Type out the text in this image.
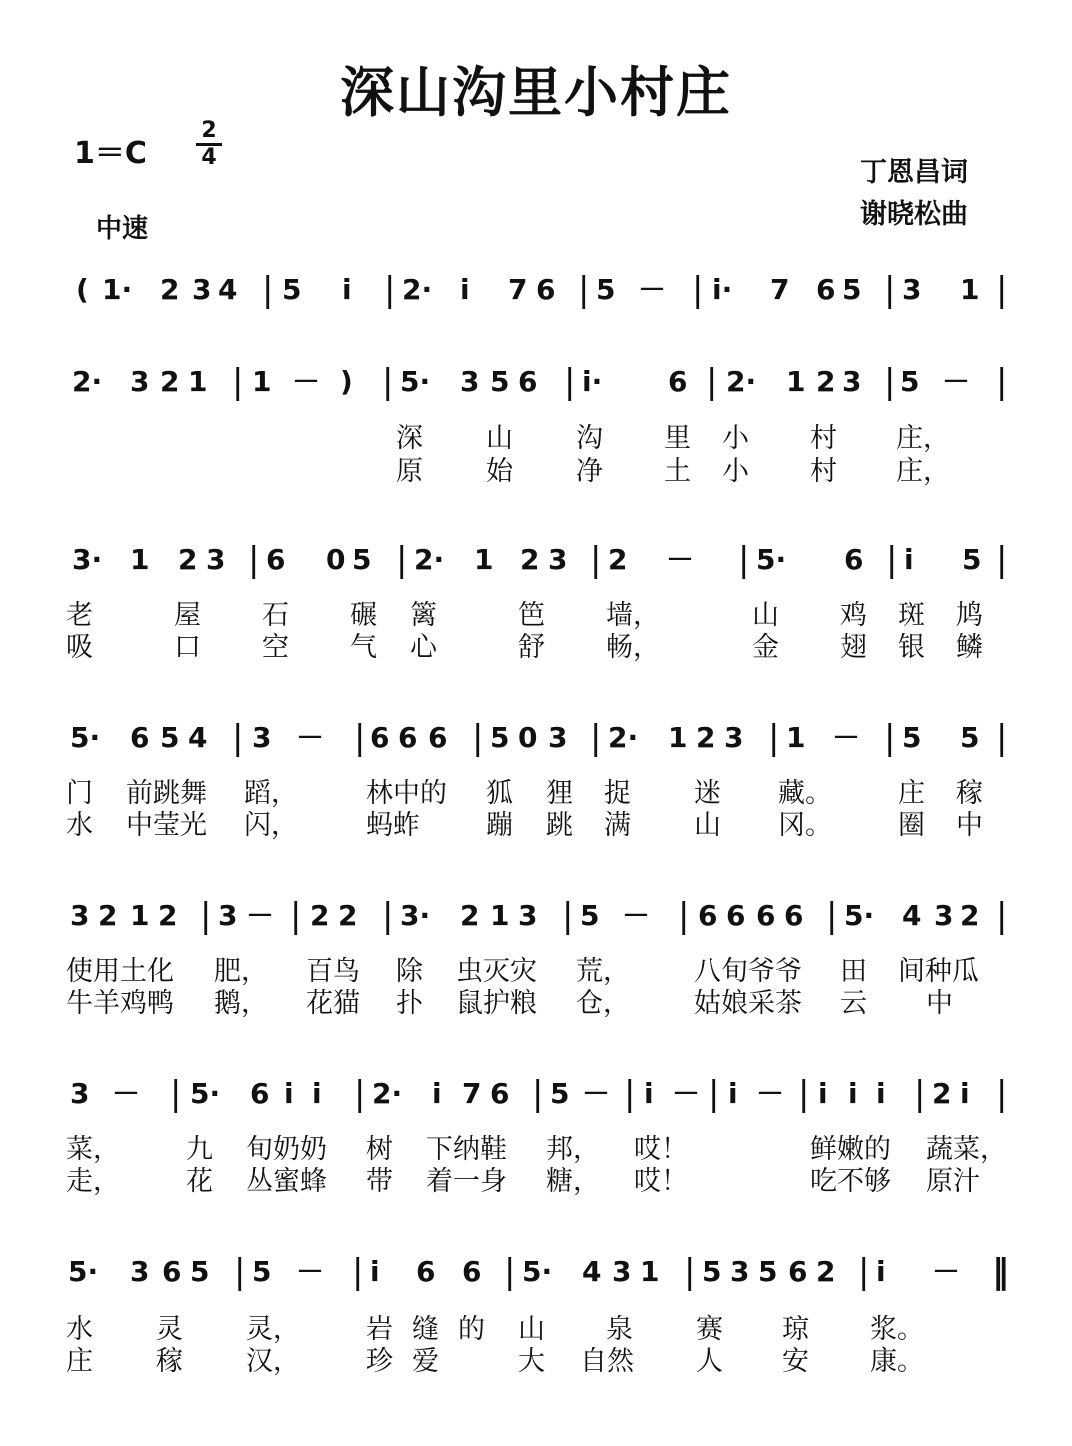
深山沟里小村庄
1＝C
2
4
中速
丁恩昌词
谢晓松曲
( 1· 2 3 4 | 5 i | 2· i 7 6 | 5 － | i· 7 6 5 | 3 1 |
2· 3 2 1 | 1 － ) | 5· 3 5 6 | i· 6 | 2· 1 2 3 | 5 － |
3· 1 2 3 | 6 0 5 | 2· 1 2 3 | 2 － | 5· 6 | i 5 |
5· 6 5 4 | 3 － | 6 6 6 | 5 0 3 | 2· 1 2 3 | 1 － | 5 5 |
3 2 1 2 | 3 － | 2 2 | 3· 2 1 3 | 5 － | 6 6 6 6 | 5· 4 3 2 |
3 － | 5· 6 i i | 2· i 7 6 | 5 － | i － | i － | i i i | 2 i |
5· 3 6 5 | 5 － | i 6 6 | 5· 4 3 1 | 5 3 5 6 2 | i － ‖
深 山 沟 里 小 村 庄，
原 始 净 土 小 村 庄，
老	屋 石 碾 篱	笆 墙，	山 鸡 斑 鸠
吸	口 空 气 心	舒 畅，	金 翅 银 鳞
门 前跳舞 蹈，	林中的 狐 狸 捉 迷 藏。 庄 稼
水 中莹光 闪，	蚂蚱 蹦 跳 满 山 冈。 圈 中
使用土化 肥， 百鸟 除 虫灭灾 荒， 八旬爷爷 田 间种瓜
牛羊鸡鸭 鹅， 花猫 扑 鼠护粮 仓， 姑娘采茶 云 中
菜， 九 旬奶奶 树 下纳鞋 邦， 哎！	鲜嫩的 蔬菜，
走， 花 丛蜜蜂 带 着一身 糖， 哎！	吃不够 原汁
水 灵 灵， 岩 缝 的 山 泉 赛 琼 浆。
庄 稼 汉， 珍 爱	大 自然 人 安 康。
